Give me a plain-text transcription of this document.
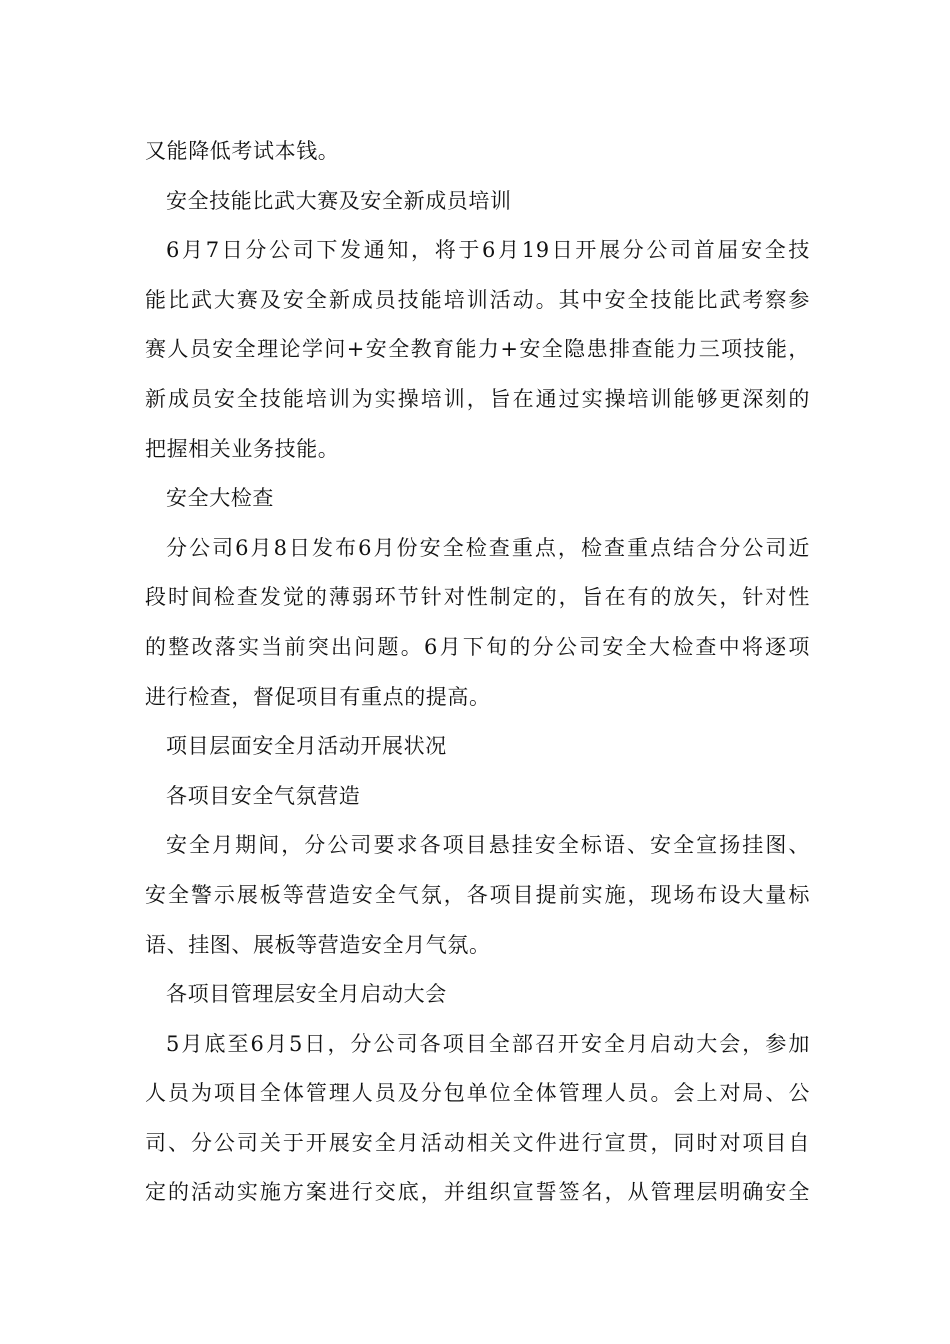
又能降低考试本钱。
安全技能比武大赛及安全新成员培训
6月7日分公司下发通知，将于6月19日开展分公司首届安全技
能比武大赛及安全新成员技能培训活动。其中安全技能比武考察参
赛人员安全理论学问+安全教育能力+安全隐患排查能力三项技能，
新成员安全技能培训为实操培训，旨在通过实操培训能够更深刻的
把握相关业务技能。
安全大检查
分公司6月8日发布6月份安全检查重点，检查重点结合分公司近
段时间检查发觉的薄弱环节针对性制定的，旨在有的放矢，针对性
的整改落实当前突出问题。6月下旬的分公司安全大检查中将逐项
进行检查，督促项目有重点的提高。
项目层面安全月活动开展状况
各项目安全气氛营造
安全月期间，分公司要求各项目悬挂安全标语、安全宣扬挂图、
安全警示展板等营造安全气氛，各项目提前实施，现场布设大量标
语、挂图、展板等营造安全月气氛。
各项目管理层安全月启动大会
5月底至6月5日，分公司各项目全部召开安全月启动大会，参加
人员为项目全体管理人员及分包单位全体管理人员。会上对局、公
司、分公司关于开展安全月活动相关文件进行宣贯，同时对项目自
定的活动实施方案进行交底，并组织宣誓签名，从管理层明确安全
